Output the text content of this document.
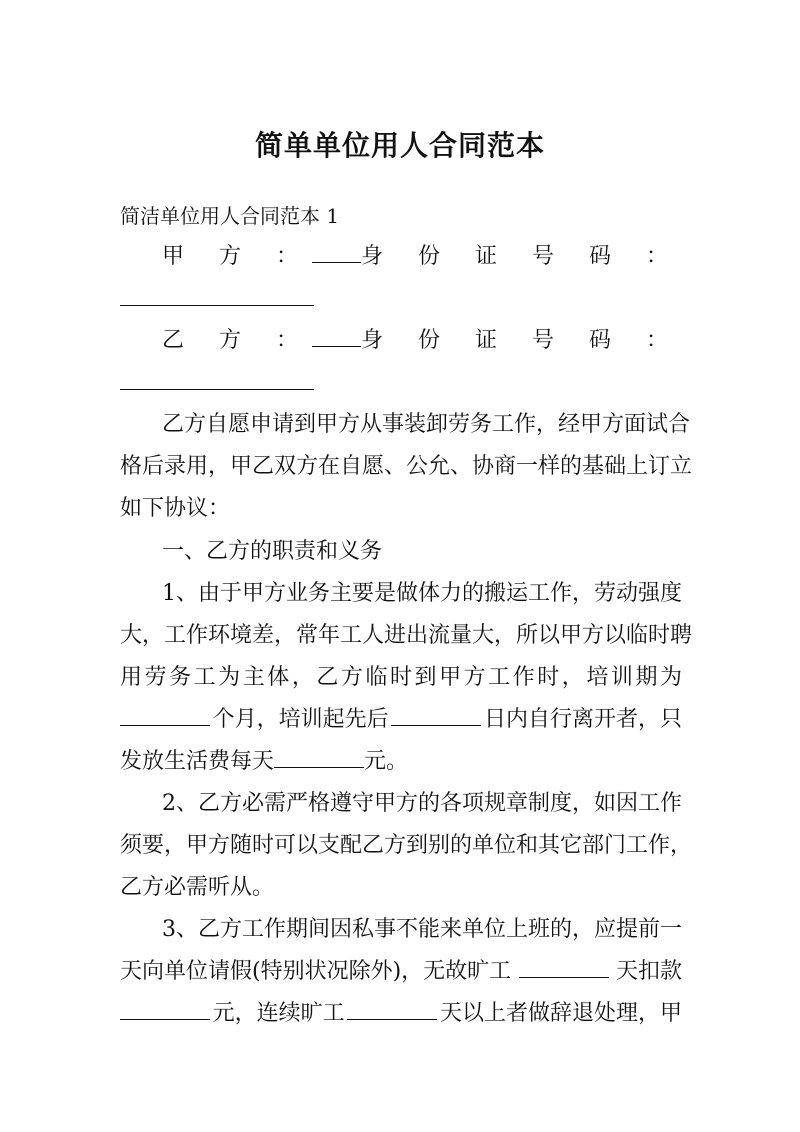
简单单位用人合同范本
简洁单位用人合同范本 1
甲 方 ： 身 份 证 号 码 ：
乙 方 ： 身 份 证 号 码 ：
乙方自愿申请到甲方从事装卸劳务工作，经甲方面试合
格后录用，甲乙双方在自愿、公允、协商一样的基础上订立
如下协议：
一、乙方的职责和义务
1、由于甲方业务主要是做体力的搬运工作，劳动强度
大，工作环境差，常年工人进出流量大，所以甲方以临时聘
用劳务工为主体，乙方临时到甲方工作时，培训期为
个月，培训起先后	日内自行离开者，只
发放生活费每天	元。
2、乙方必需严格遵守甲方的各项规章制度，如因工作
须要，甲方随时可以支配乙方到别的单位和其它部门工作，
乙方必需听从。
3、乙方工作期间因私事不能来单位上班的，应提前一
天向单位请假(特别状况除外)，无故旷工	天扣款
元，连续旷工	天以上者做辞退处理，甲
